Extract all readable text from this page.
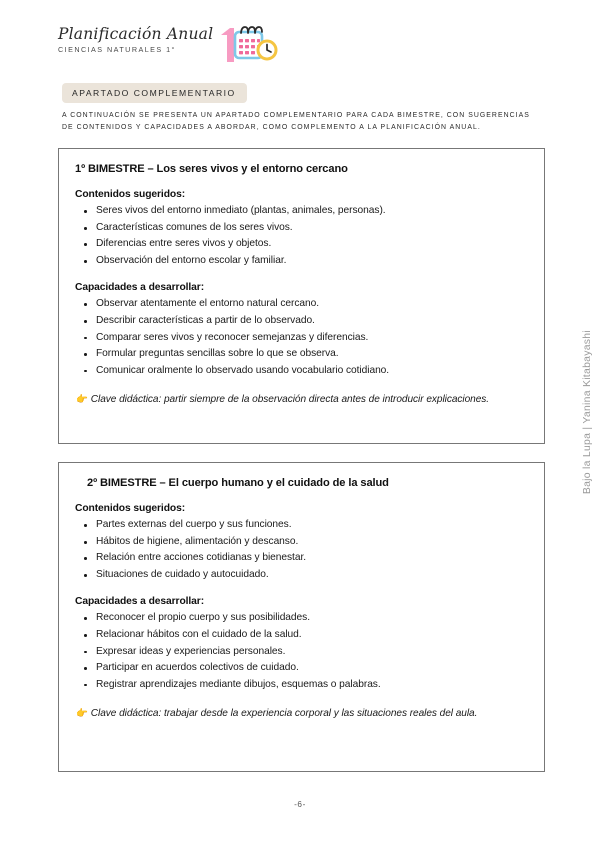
Planificación Anual
CIENCIAS NATURALES 1°
APARTADO COMPLEMENTARIO
A CONTINUACIÓN SE PRESENTA UN APARTADO COMPLEMENTARIO PARA CADA BIMESTRE, CON SUGERENCIAS DE CONTENIDOS Y CAPACIDADES A ABORDAR, COMO COMPLEMENTO A LA PLANIFICACIÓN ANUAL.
1º BIMESTRE – Los seres vivos y el entorno cercano
Contenidos sugeridos:
Seres vivos del entorno inmediato (plantas, animales, personas).
Características comunes de los seres vivos.
Diferencias entre seres vivos y objetos.
Observación del entorno escolar y familiar.
Capacidades a desarrollar:
Observar atentamente el entorno natural cercano.
Describir características a partir de lo observado.
Comparar seres vivos y reconocer semejanzas y diferencias.
Formular preguntas sencillas sobre lo que se observa.
Comunicar oralmente lo observado usando vocabulario cotidiano.
👉 Clave didáctica: partir siempre de la observación directa antes de introducir explicaciones.
2º BIMESTRE – El cuerpo humano y el cuidado de la salud
Contenidos sugeridos:
Partes externas del cuerpo y sus funciones.
Hábitos de higiene, alimentación y descanso.
Relación entre acciones cotidianas y bienestar.
Situaciones de cuidado y autocuidado.
Capacidades a desarrollar:
Reconocer el propio cuerpo y sus posibilidades.
Relacionar hábitos con el cuidado de la salud.
Expresar ideas y experiencias personales.
Participar en acuerdos colectivos de cuidado.
Registrar aprendizajes mediante dibujos, esquemas o palabras.
👉 Clave didáctica: trabajar desde la experiencia corporal y las situaciones reales del aula.
Bajo la Lupa | Yanina Kitabayashi
-6-
